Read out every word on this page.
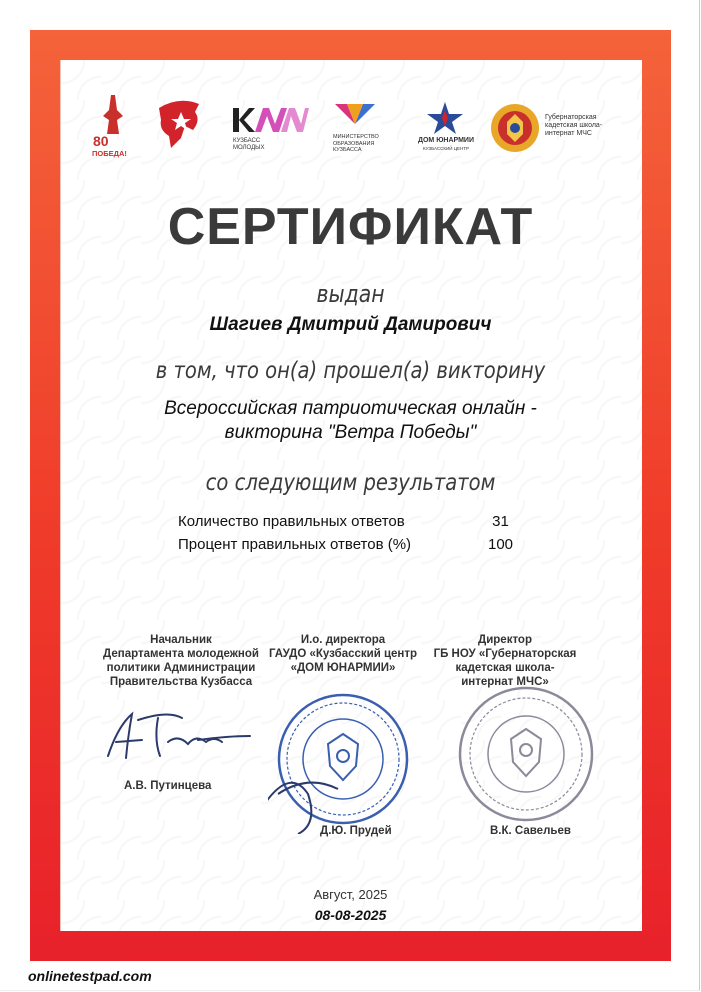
80
ПОБЕДА!
КУЗБАСС МОЛОДЫХ
МИНИСТЕРСТВО ОБРАЗОВАНИЯ КУЗБАССА
ДОМ ЮНАРМИИ
КУЗБАССКИЙ ЦЕНТР
Губернаторская кадетская школа-интернат МЧС
СЕРТИФИКАТ
выдан
Шагиев Дмитрий Дамирович
в том, что он(а) прошел(а) викторину
Всероссийская патриотическая онлайн -
викторина "Ветра Победы"
со следующим результатом
Количество правильных ответов	31
Процент правильных ответов (%)	100
Начальник
Департамента молодежной
политики Администрации
Правительства Кузбасса
И.о. директора
ГАУДО «Кузбасский центр
«ДОМ ЮНАРМИИ»
Директор
ГБ НОУ «Губернаторская
кадетская школа-
интернат МЧС»
А.В. Путинцева
Д.Ю. Прудей	В.К. Савельев
Август, 2025
08-08-2025
onlinetestpad.com
